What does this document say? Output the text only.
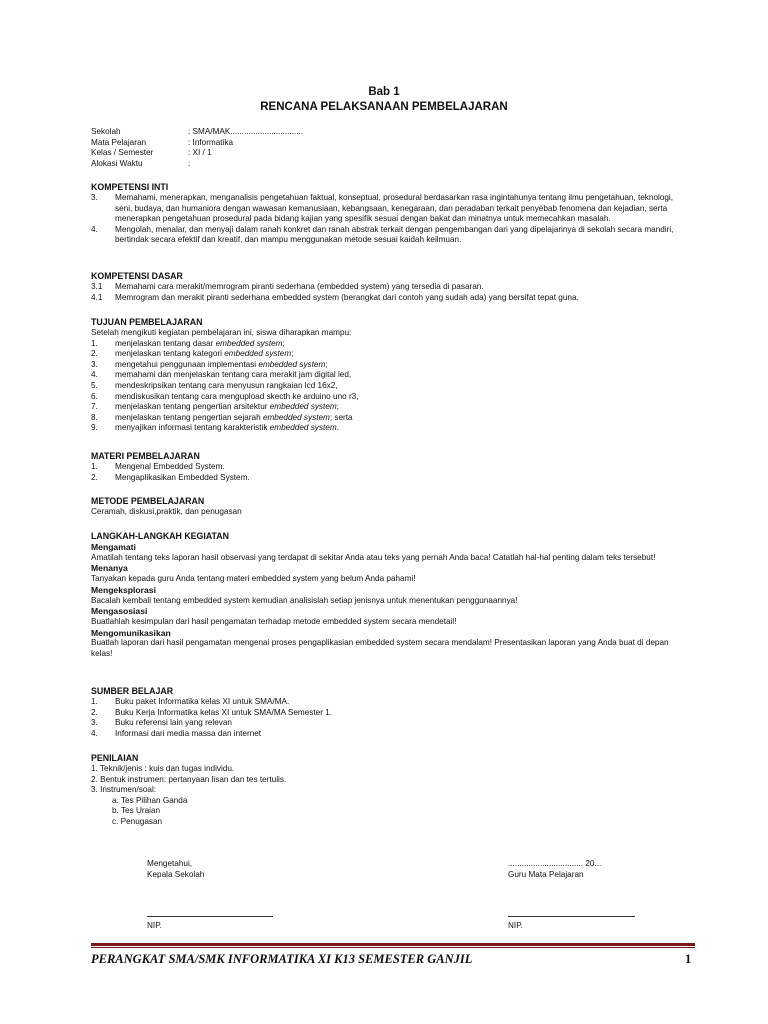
Bab 1
RENCANA PELAKSANAAN PEMBELAJARAN
Sekolah	: SMA/MAK................................
Mata Pelajaran	: Informatika
Kelas / Semester	: XI / 1
Alokasi Waktu	:
KOMPETENSI INTI
3.	Memahami, menerapkan, menganalisis pengetahuan faktual, konseptual, prosedural berdasarkan rasa ingintahunya tentang ilmu pengetahuan, teknologi, seni, budaya, dan humaniora dengan wawasan kemanusiaan, kebangsaan, kenegaraan, dan peradaban terkait penyebab fenomena dan kejadian, serta menerapkan pengetahuan prosedural pada bidang kajian yang spesifik sesuai dengan bakat dan minatnya untuk memecahkan masalah.
4.	Mengolah, menalar, dan menyaji dalam ranah konkret dan ranah abstrak terkait dengan pengembangan dari yang dipelajarinya di sekolah secara mandiri, bertindak secara efektif dan kreatif, dan mampu menggunakan metode sesuai kaidah keilmuan.
KOMPETENSI DASAR
3.1	Memahami cara merakit/memrogram piranti sederhana (embedded system) yang tersedia di pasaran.
4.1	Memrogram dan merakit piranti sederhana embedded system (berangkat dari contoh yang sudah ada) yang bersifat tepat guna.
TUJUAN PEMBELAJARAN
Setelah mengikuti kegiatan pembelajaran ini, siswa diharapkan mampu:
1.	menjelaskan tentang dasar embedded system;
2.	menjelaskan tentang kategori embedded system;
3.	mengetahui penggunaan implementasi embedded system;
4.	memahami dan menjelaskan tentang cara merakit jam digital led,
5.	mendeskripsikan tentang cara menyusun rangkaian lcd 16x2,
6.	mendiskusikan tentang cara mengupload skecth ke arduino uno r3,
7.	menjelaskan tentang pengertian arsitektur embedded system;
8.	menjelaskan tentang pengertian sejarah embedded system; serta
9.	menyajikan informasi tentang karakteristik embedded system.
MATERI PEMBELAJARAN
1.	Mengenal Embedded System.
2.	Mengaplikasikan Embedded System.
METODE PEMBELAJARAN
Ceramah, diskusi,praktik, dan penugasan
LANGKAH-LANGKAH KEGIATAN
Mengamati
Amatilah tentang teks laporan hasil observasi yang terdapat di sekitar Anda atau teks yang pernah Anda baca! Catatlah hal-hal penting dalam teks tersebut!
Menanya
Tanyakan kepada guru Anda tentang materi embedded system yang belum Anda pahami!
Mengeksplorasi
Bacalah kembali tentang embedded system kemudian analisislah setiap jenisnya untuk menentukan penggunaannya!
Mengasosiasi
Buatlahlah kesimpulan dari hasil pengamatan terhadap metode embedded system secara mendetail!
Mengomunikasikan
Buatlah laporan dari hasil pengamatan mengenai proses pengaplikasian embedded system secara mendalam! Presentasikan laporan yang Anda buat di depan kelas!
SUMBER BELAJAR
1.	Buku paket Informatika kelas XI untuk SMA/MA.
2.	Buku Kerja Informatika kelas XI untuk SMA/MA Semester 1.
3.	Buku referensi lain yang relevan
4.	Informasi dari media massa dan internet
PENILAIAN
1. Teknik/jenis : kuis dan tugas individu.
2. Bentuk instrumen: pertanyaan lisan dan tes tertulis.
3. Instrumen/soal:
a. Tes Pilihan Ganda
b. Tes Uraian
c. Penugasan
Mengetahui,
Kepala Sekolah
NIP.
................................. 20...
Guru Mata Pelajaran
NIP.
PERANGKAT SMA/SMK INFORMATIKA XI K13 SEMESTER GANJIL	1
